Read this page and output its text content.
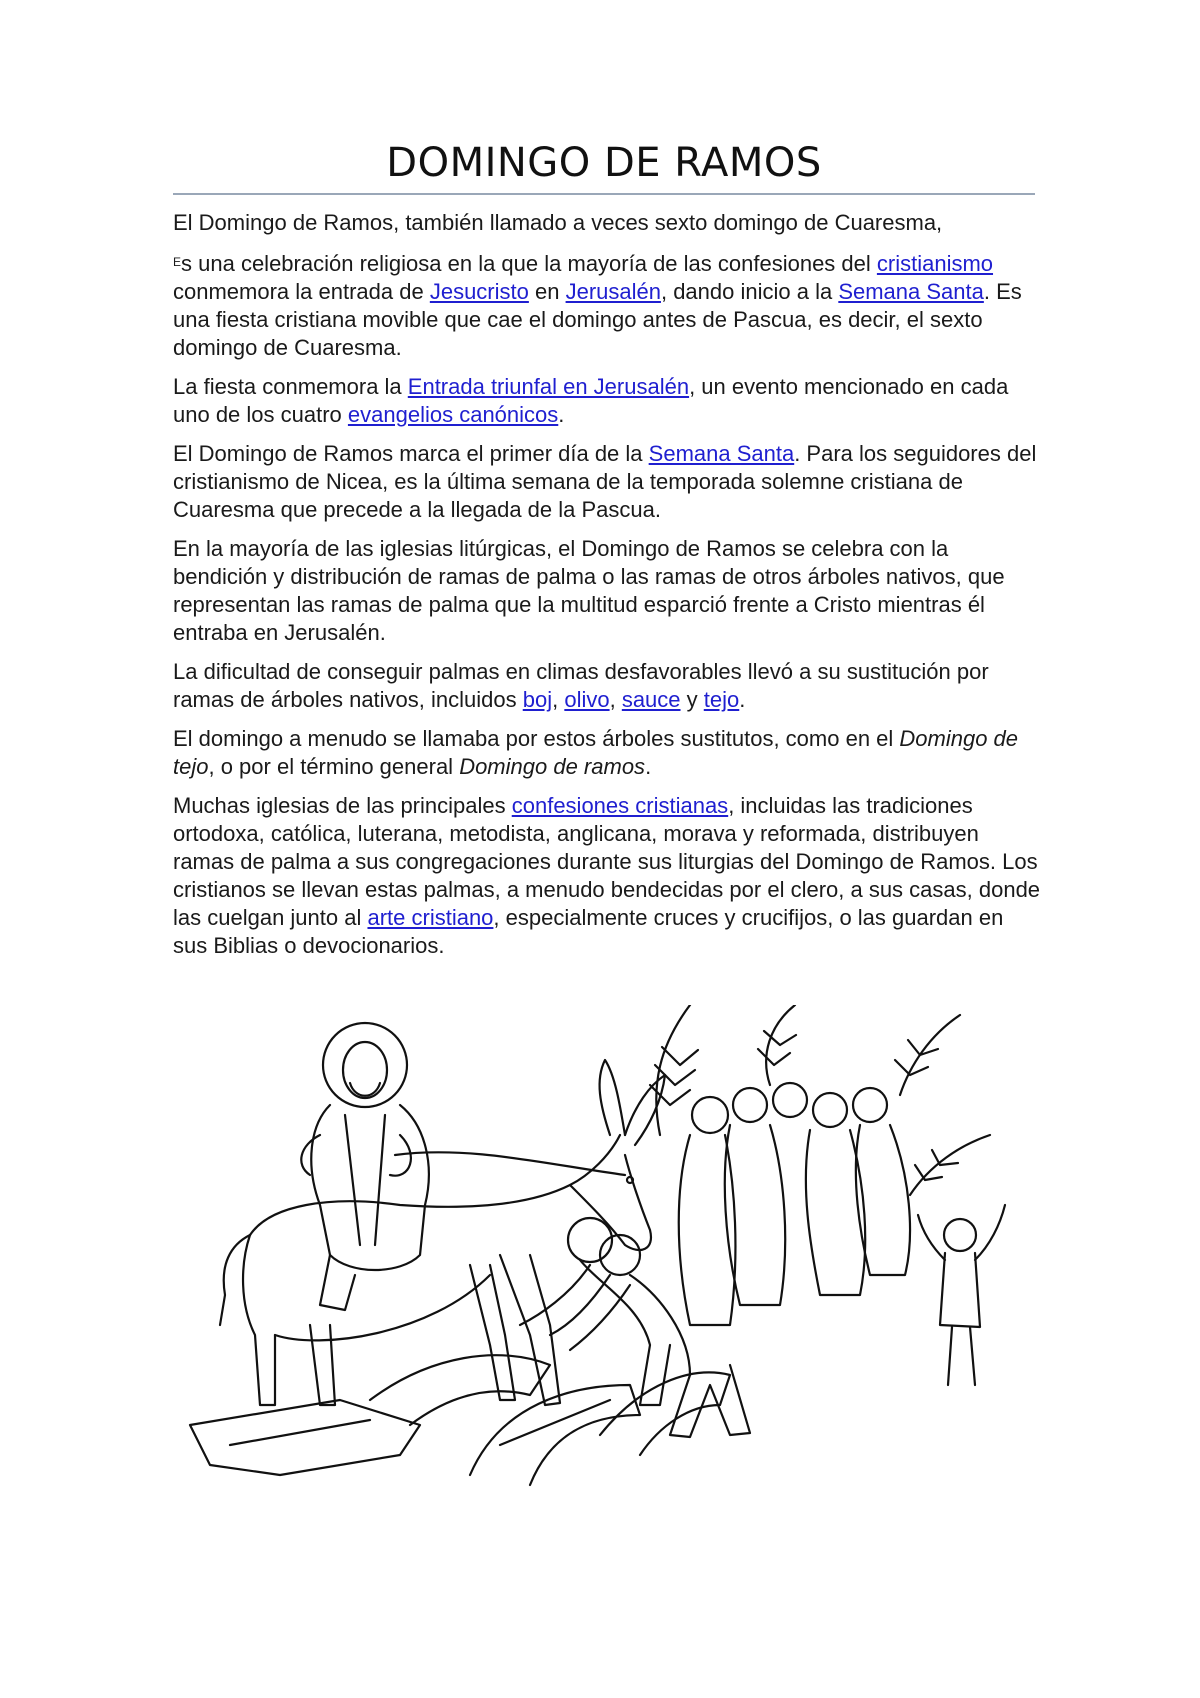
DOMINGO DE RAMOS

El Domingo de Ramos, también llamado a veces sexto domingo de Cuaresma,

$^E$s una celebración religiosa en la que la mayoría de las confesiones del cristianismo conmemora la entrada de Jesucristo en Jerusalén, dando inicio a la Semana Santa. Es una fiesta cristiana movible que cae el domingo antes de Pascua, es decir, el sexto domingo de Cuaresma.

La fiesta conmemora la Entrada triunfal en Jerusalén, un evento mencionado en cada uno de los cuatro evangelios canónicos.

El Domingo de Ramos marca el primer día de la Semana Santa. Para los seguidores del cristianismo de Nicea, es la última semana de la temporada solemne cristiana de Cuaresma que precede a la llegada de la Pascua.

En la mayoría de las iglesias litúrgicas, el Domingo de Ramos se celebra con la bendición y distribución de ramas de palma o las ramas de otros árboles nativos, que representan las ramas de palma que la multitud esparció frente a Cristo mientras él entraba en Jerusalén.

La dificultad de conseguir palmas en climas desfavorables llevó a su sustitución por ramas de árboles nativos, incluidos boj, olivo, sauce y tejo.

El domingo a menudo se llamaba por estos árboles sustitutos, como en el Domingo de tejo, o por el término general Domingo de ramos.

Muchas iglesias de las principales confesiones cristianas, incluidas las tradiciones ortodoxa, católica, luterana, metodista, anglicana, morava y reformada, distribuyen ramas de palma a sus congregaciones durante sus liturgias del Domingo de Ramos. Los cristianos se llevan estas palmas, a menudo bendecidas por el clero, a sus casas, donde las cuelgan junto al arte cristiano, especialmente cruces y crucifijos, o las guardan en sus Biblias o devocionarios.
